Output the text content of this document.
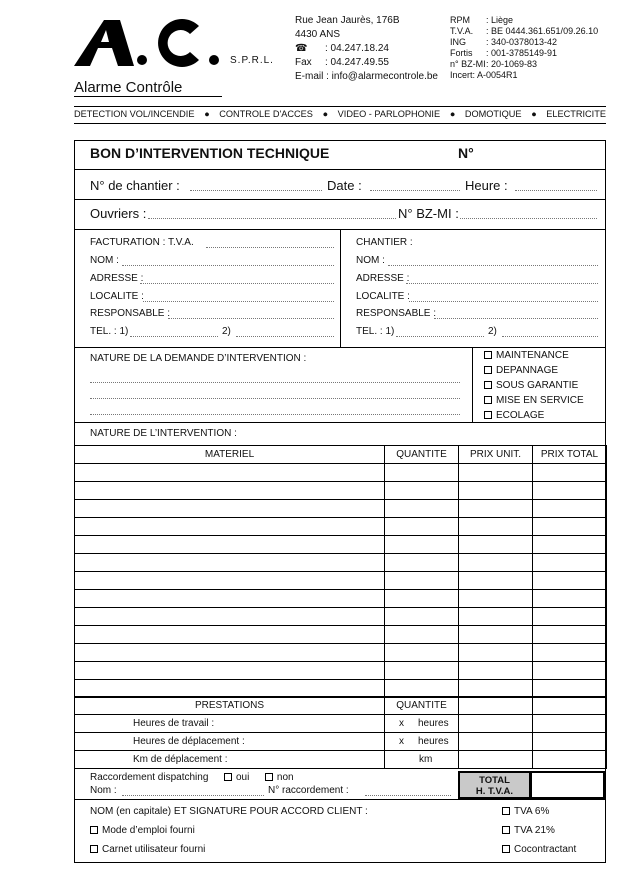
S.P.R.L.
Alarme Contrôle
Rue Jean Jaurès, 176B
4430 ANS
☎ : 04.247.18.24
Fax : 04.247.49.55
E-mail : info@alarmecontrole.be
RPM : Liège
T.V.A. : BE 0444.361.651/09.26.10
ING : 340-0378013-42
Fortis : 001-3785149-91
n° BZ-MI: 20-1069-83
Incert: A-0054R1
DETECTION VOL/INCENDIE ● CONTROLE D'ACCES ● VIDEO - PARLOPHONIE ● DOMOTIQUE ● ELECTRICITE
BON D’INTERVENTION TECHNIQUE	N°
N° de chantier :	Date :	Heure :
Ouvriers :	N° BZ-MI :
FACTURATION : T.V.A.
NOM :
ADRESSE :
LOCALITE :
RESPONSABLE :
TEL. : 1)	2)
CHANTIER :
NOM :
ADRESSE :
LOCALITE :
RESPONSABLE :
TEL. : 1)	2)
NATURE DE LA DEMANDE D’INTERVENTION :	MAINTENANCE
DEPANNAGE
SOUS GARANTIE
MISE EN SERVICE
ECOLAGE
NATURE DE L’INTERVENTION :
MATERIEL	QUANTITE	PRIX UNIT.	PRIX TOTAL

PRESTATIONS	QUANTITE		
Heures de travail :	x heures		
Heures de déplacement :	x heures		
Km de déplacement :	km		
Raccordement dispatching	oui	non
Nom :	N° raccordement :
TOTAL
H. T.V.A.
NOM (en capitale) ET SIGNATURE POUR ACCORD CLIENT :
Mode d’emploi fourni
Carnet utilisateur fourni
TVA 6%
TVA 21%
Cocontractant
